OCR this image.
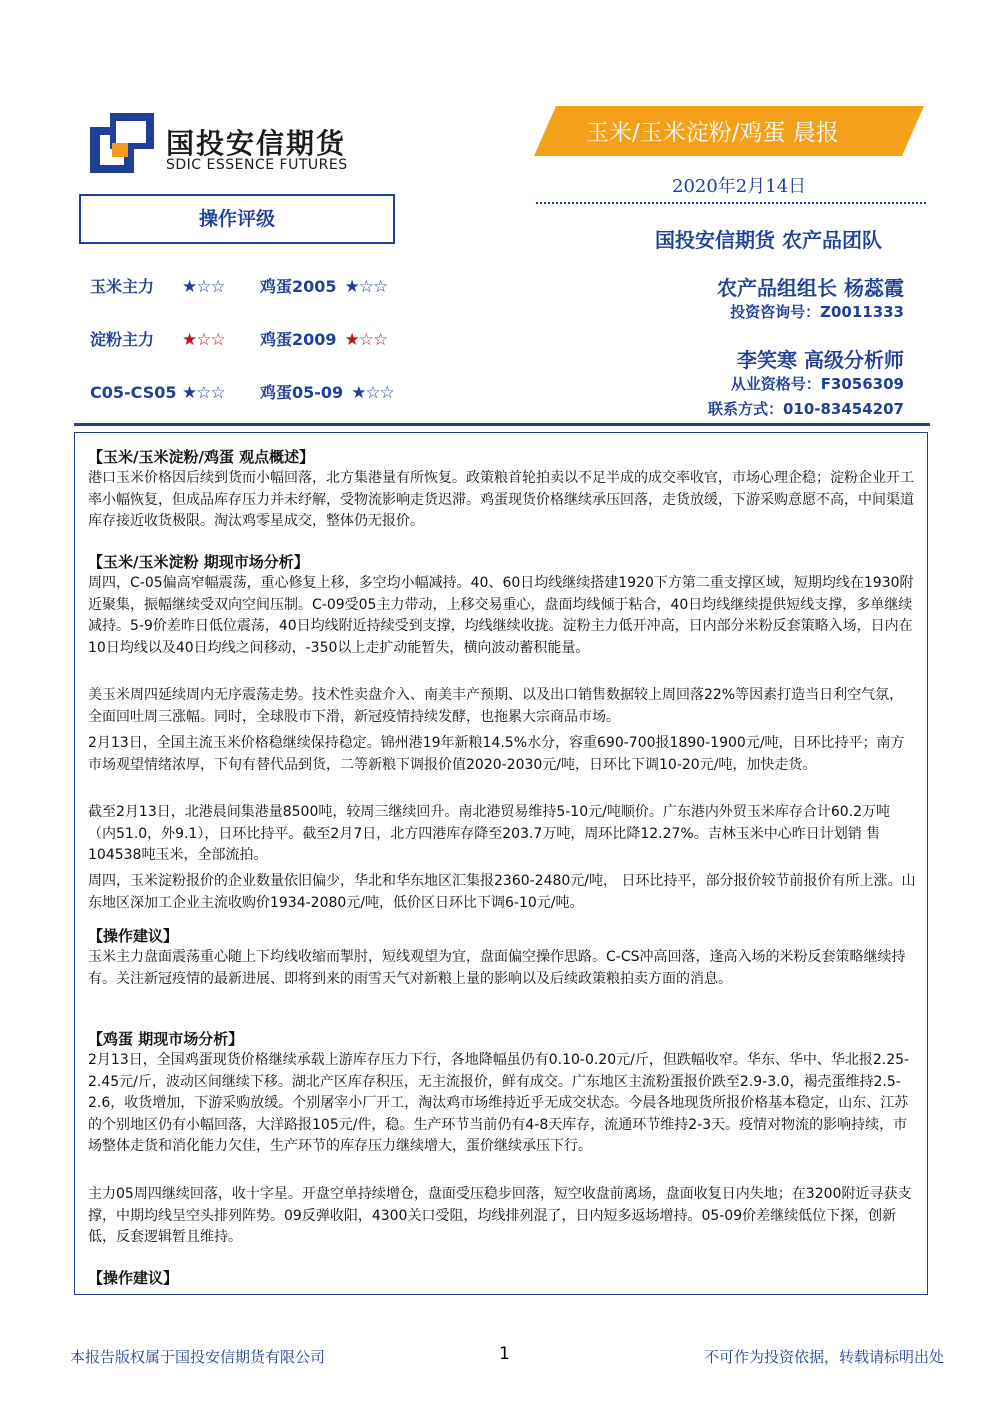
国投安信期货
SDIC ESSENCE FUTURES
玉米/玉米淀粉/鸡蛋 晨报
2020年2月14日
国投安信期货 农产品团队
农产品组组长 杨蕊霞
投资咨询号：Z0011333
李笑寒 高级分析师
从业资格号：F3056309
联系方式：010-83454207
操作评级
玉米主力 ★☆☆ 鸡蛋2005 ★☆☆
淀粉主力 ★☆☆ 鸡蛋2009 ★☆☆
C05-CS05 ★☆☆ 鸡蛋05-09 ★☆☆
【玉米/玉米淀粉/鸡蛋 观点概述】
港口玉米价格因后续到货而小幅回落，北方集港量有所恢复。政策粮首轮拍卖以不足半成的成交率收官，市场心理企稳；淀粉企业开工率小幅恢复，但成品库存压力并未纾解，受物流影响走货迟滞。鸡蛋现货价格继续承压回落，走货放缓，下游采购意愿不高，中间渠道库存接近收货极限。淘汰鸡零星成交，整体仍无报价。
【玉米/玉米淀粉 期现市场分析】
周四，C-05偏高窄幅震荡，重心修复上移，多空均小幅减持。40、60日均线继续搭建1920下方第二重支撑区域，短期均线在1930附近聚集，振幅继续受双向空间压制。C-09受05主力带动，上移交易重心，盘面均线倾于粘合，40日均线继续提供短线支撑，多单继续减持。5-9价差昨日低位震荡，40日均线附近持续受到支撑，均线继续收拢。淀粉主力低开冲高，日内部分米粉反套策略入场，日内在10日均线以及40日均线之间移动，-350以上走扩动能暂失，横向波动蓄积能量。
美玉米周四延续周内无序震荡走势。技术性卖盘介入、南美丰产预期、以及出口销售数据较上周回落22%等因素打造当日利空气氛，全面回吐周三涨幅。同时，全球股市下滑，新冠疫情持续发酵，也拖累大宗商品市场。
2月13日，全国主流玉米价格稳继续保持稳定。锦州港19年新粮14.5%水分，容重690-700报1890-1900元/吨，日环比持平；南方市场观望情绪浓厚，下旬有替代品到货，二等新粮下调报价值2020-2030元/吨，日环比下调10-20元/吨，加快走货。
截至2月13日，北港晨间集港量8500吨，较周三继续回升。南北港贸易维持5-10元/吨顺价。广东港内外贸玉米库存合计60.2万吨（内51.0，外9.1），日环比持平。截至2月7日，北方四港库存降至203.7万吨，周环比降12.27%。吉林玉米中心昨日计划销 售104538吨玉米，全部流拍。
周四，玉米淀粉报价的企业数量依旧偏少，华北和华东地区汇集报2360-2480元/吨， 日环比持平，部分报价较节前报价有所上涨。山东地区深加工企业主流收购价1934-2080元/吨，低价区日环比下调6-10元/吨。
【操作建议】
玉米主力盘面震荡重心随上下均线收缩而掣肘，短线观望为宜，盘面偏空操作思路。C-CS冲高回落，逢高入场的米粉反套策略继续持有。关注新冠疫情的最新进展、即将到来的雨雪天气对新粮上量的影响以及后续政策粮拍卖方面的消息。
【鸡蛋 期现市场分析】
2月13日，全国鸡蛋现货价格继续承载上游库存压力下行，各地降幅虽仍有0.10-0.20元/斤，但跌幅收窄。华东、华中、华北报2.25-2.45元/斤，波动区间继续下移。湖北产区库存积压，无主流报价，鲜有成交。广东地区主流粉蛋报价跌至2.9-3.0，褐壳蛋维持2.5-2.6，收货增加，下游采购放缓。个别屠宰小厂开工，淘汰鸡市场维持近乎无成交状态。今晨各地现货所报价格基本稳定，山东、江苏的个别地区仍有小幅回落，大洋路报105元/件，稳。生产环节当前仍有4-8天库存，流通环节维持2-3天。疫情对物流的影响持续，市场整体走货和消化能力欠佳，生产环节的库存压力继续增大，蛋价继续承压下行。
主力05周四继续回落，收十字星。开盘空单持续增仓，盘面受压稳步回落，短空收盘前离场，盘面收复日内失地；在3200附近寻获支撑，中期均线呈空头排列阵势。09反弹收阳，4300关口受阻，均线排列混了，日内短多返场增持。05-09价差继续低位下探，创新低，反套逻辑暂且维持。
【操作建议】
本报告版权属于国投安信期货有限公司	1	不可作为投资依据，转载请标明出处
